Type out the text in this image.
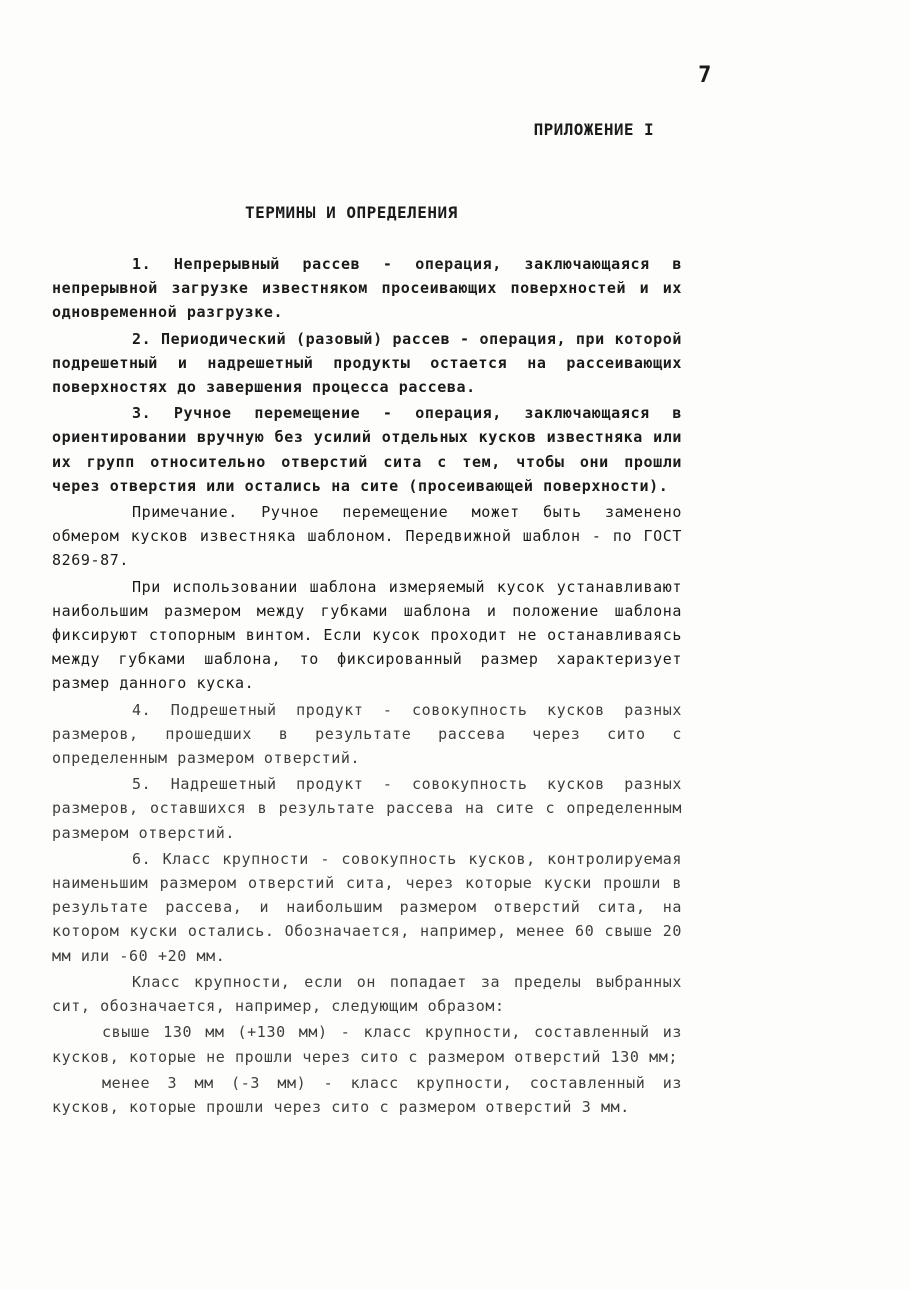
7
ПРИЛОЖЕНИЕ I
ТЕРМИНЫ И ОПРЕДЕЛЕНИЯ

1. Непрерывный рассев - операция, заключающаяся в непрерывной загрузке известняком просеивающих поверхностей и их одновременной разгрузке.

2. Периодический (разовый) рассев - операция, при которой подрешетный и надрешетный продукты остается на рассеивающих поверхностях до завершения процесса рассева.

3. Ручное перемещение - операция, заключающаяся в ориентировании вручную без усилий отдельных кусков известняка или их групп относительно отверстий сита с тем, чтобы они прошли через отверстия или остались на сите (просеивающей поверхности).

Примечание. Ручное перемещение может быть заменено обмером кусков известняка шаблоном. Передвижной шаблон - по ГОСТ 8269-87.

При использовании шаблона измеряемый кусок устанавливают наибольшим размером между губками шаблона и положение шаблона фиксируют стопорным винтом. Если кусок проходит не останавливаясь между губками шаблона, то фиксированный размер характеризует размер данного куска.

4. Подрешетный продукт - совокупность кусков разных размеров, прошедших в результате рассева через сито с определенным размером отверстий.

5. Надрешетный продукт - совокупность кусков разных размеров, оставшихся в результате рассева на сите с определенным размером отверстий.

6. Класс крупности - совокупность кусков, контролируемая наименьшим размером отверстий сита, через которые куски прошли в результате рассева, и наибольшим размером отверстий сита, на котором куски остались. Обозначается, например, менее 60 свыше 20 мм или -60 +20 мм.

Класс крупности, если он попадает за пределы выбранных сит, обозначается, например, следующим образом:

свыше 130 мм (+130 мм) - класс крупности, составленный из кусков, которые не прошли через сито с размером отверстий 130 мм;

менее 3 мм (-3 мм) - класс крупности, составленный из кусков, которые прошли через сито с размером отверстий 3 мм.
